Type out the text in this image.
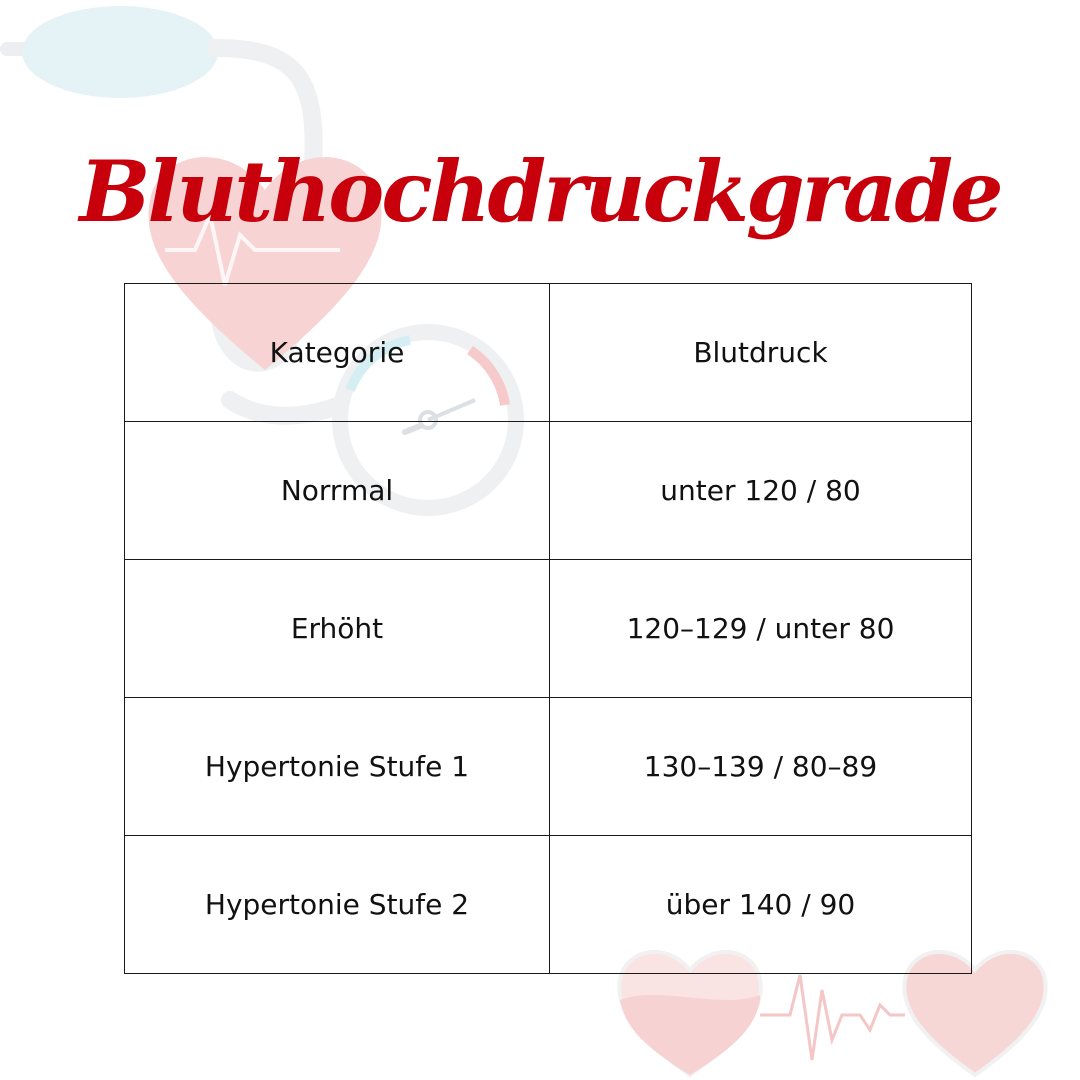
Bluthochdruckgrade
Kategorie	Blutdruck
Norrmal	unter 120 / 80
Erhöht	120–129 / unter 80
Hypertonie Stufe 1	130–139 / 80–89
Hypertonie Stufe 2	über 140 / 90
